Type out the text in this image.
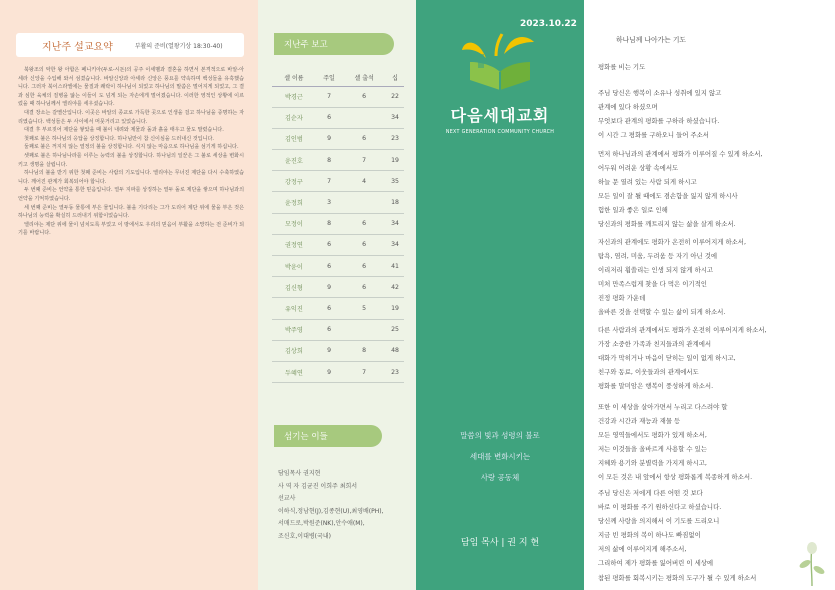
지난주 설교요약	부활의 준비(열왕기상 18:30-40)

북왕조의 악한 왕 아합은 페니키아(두로-시돈)의 공주 이세벨과 결혼을 하면서 본격적으로 바알-아세라 신앙을 수입해 와서 섬겼습니다. 바알신앙과 아세라 신앙은 풍요를 약속하며 백성들을 유혹했습니다. 그러자 북이스라엘에는 물질과 쾌락이 하나님이 되었고 하나님의 말씀은 멀어지게 되었고, 그 결과 심한 육체의 질병을 앓는 이들이 도 넘게 되는 자손에게 멀어졌습니다. 이러한 영적인 상황에 이르렀을 때 하나님께서 엘리야를 세우셨습니다.

대결 장소는 갈멜산입니다. 이곳은 바알의 종교로 가득한 곳으로 인생을 걸고 하나님을 증명하는 자리였습니다. 백성들은 두 사이에서 머뭇거리고 있었습니다.

대결 후 부르짖어 제단을 쌓았을 때 불이 내려와 제물과 돌과 흙을 태우고 물도 말렸습니다.

첫째로 불은 하나님의 응답을 상징합니다. 하나님만이 참 신이심을 드러내신 것입니다.

둘째로 불은 꺼지지 않는 열정의 불을 상징합니다. 식지 않는 마음으로 하나님을 섬기게 하십니다.

셋째로 불은 하나님나라를 이루는 능력의 불을 상징합니다. 하나님의 일꾼은 그 불로 세상을 변화시키고 생명을 살립니다.

하나님의 불을 받기 위한 첫째 준비는 사람의 기도입니다. 엘리야는 무너진 제단을 다시 수축하였습니다. 깨어진 관계가 회복되어야 합니다.

두 번째 준비는 언약을 통한 믿음입니다. 열두 지파를 상징하는 열두 돌로 제단을 쌓으며 하나님과의 언약을 기억하였습니다.

세 번째 준비는 열두동 물통에 부은 물입니다. 불을 기다리는 그가 도리어 제단 위에 물을 부은 것은 하나님의 능력을 확실히 드러내기 위함이었습니다.

엘리야는 제단 위에 물이 넘치도록 부었고 이 땅에서도 우리의 믿음이 부활을 소망하는 전 준비가 되기를 바랍니다.

지난주 보고
셀 이름	주일	셀 출석	십
박경근	7	6	22
김순자	6		34
김인범	9	6	23
윤진호	8	7	19
강정구	7	4	35
윤정희	3		18
모정이	8	6	34
권정연	6	6	34
박윤이	6	6	41
김신형	9	6	42
유익진	6	5	19
박주영	6		25
김상희	9	8	48
두혜연	9	7	23
섬기는 이들
담임목사 권지현
사 역 자 김균진 이희주 최희서
선교사
이하식,정남현(J),김종현(U),최영배(PH),
서매드로,박원준(NK),안수애(M),
조신호,이대병(국내)
2023.10.22
다음세대교회
NEXT GENERATION COMMUNITY CHURCH
말씀의 빛과 성령의 불로
세대를 변화시키는
사랑 공동체
담임 목사 | 권 지 현
하나님께 나아가는 기도
평화를 비는 기도
주님 당신은 행복이 소유나 성취에 있지 않고
관계에 있다 하셨으며
무엇보다 관계의 평화를 구하라 하셨습니다.
이 시간 그 평화를 구하오니 들어 주소서
먼저 하나님과의 관계에서 평화가 이루어질 수 있게 하소서,
어두워 어려운 상황 속에서도
하늘 문 열려 있는 사람 되게 하시고
모든 일이 잘 될 때에도 겸손함을 잃지 않게 하시사
험한 일과 좋은 일로 인해
당신과의 평화를 깨트리지 않는 삶을 살게 하소서.
자신과의 관계에도 평화가 온전히 이루어지게 하소서,
탐욕, 염려, 미움, 두려움 등 자기 아닌 것에
이리저리 휩쓸리는 인생 되지 않게 하시고
미처 만족스럽게 찾을 다 먹은 이기적인
진정 평화 가운데
올바른 것을 선택할 수 있는 삶이 되게 하소서.
다른 사람과의 관계에서도 평화가 온전히 이루어지게 하소서,
가장 소중한 가족과 친지들과의 관계에서
대화가 막히거나 마음이 닫히는 일이 없게 하시고,
친구와 동료, 이웃들과의 관계에서도
평화를 말미암은 행복이 풍성하게 하소서.
또한 이 세상을 살아가면서 누리고 다스려야 할
건강과 시간과 재능과 재물 등
모든 영역들에서도 평화가 있게 하소서,
저는 이것들을 올바르게 사용할 수 있는
지혜와 용기와 분별력을 가지게 하시고,
이 모든 것은 내 앞에서 항상 평화롭게 복종하게 하소서.
주님 당신은 저에게 다른 어떤 것 보다
바로 이 평화를 주기 원하신다고 하셨습니다.
당신께 사랑을 의지해서 이 기도를 드리오니
지금 빈 평화의 복이 하나도 빠짐없이
저의 삶에 이루어지게 해주소서,
그리하여 제가 평화를 잃어버린 이 세상에
참된 평화를 회복시키는 평화의 도구가 될 수 있게 하소서
